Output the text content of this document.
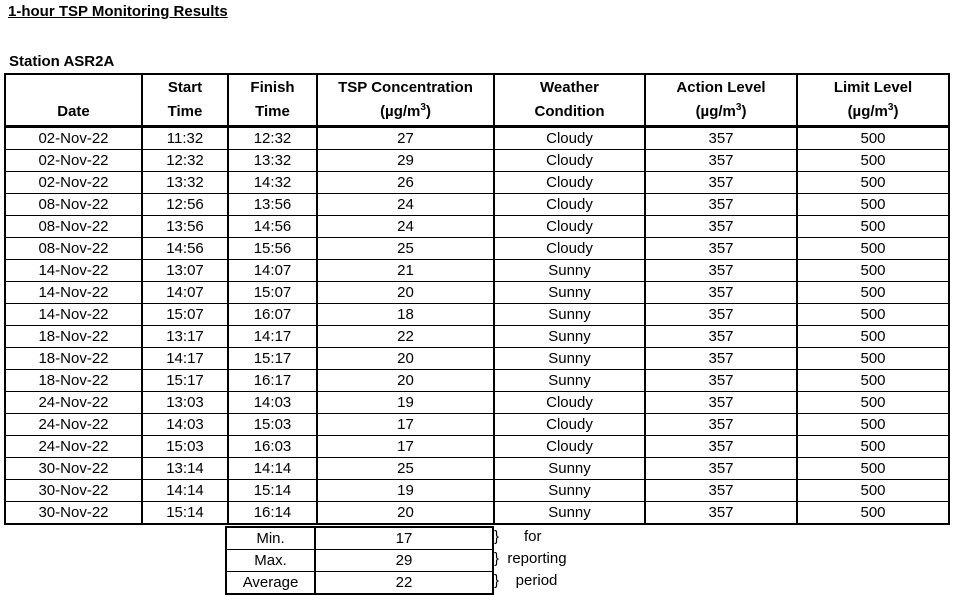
1-hour TSP Monitoring Results
Station ASR2A
	Start	Finish	TSP Concentration	Weather	Action Level	Limit Level
Date	Time	Time	$(\mu g/m^3)$	Condition	$(\mu g/m^3)$	$(\mu g/m^3)$
02-Nov-22	11:32	12:32	27	Cloudy	357	500
02-Nov-22	12:32	13:32	29	Cloudy	357	500
02-Nov-22	13:32	14:32	26	Cloudy	357	500
08-Nov-22	12:56	13:56	24	Cloudy	357	500
08-Nov-22	13:56	14:56	24	Cloudy	357	500
08-Nov-22	14:56	15:56	25	Cloudy	357	500
14-Nov-22	13:07	14:07	21	Sunny	357	500
14-Nov-22	14:07	15:07	20	Sunny	357	500
14-Nov-22	15:07	16:07	18	Sunny	357	500
18-Nov-22	13:17	14:17	22	Sunny	357	500
18-Nov-22	14:17	15:17	20	Sunny	357	500
18-Nov-22	15:17	16:17	20	Sunny	357	500
24-Nov-22	13:03	14:03	19	Cloudy	357	500
24-Nov-22	14:03	15:03	17	Cloudy	357	500
24-Nov-22	15:03	16:03	17	Cloudy	357	500
30-Nov-22	13:14	14:14	25	Sunny	357	500
30-Nov-22	14:14	15:14	19	Sunny	357	500
30-Nov-22	15:14	16:14	20	Sunny	357	500
Min.	17
Max.	29
Average	22
}      for
}  reporting
}    period
